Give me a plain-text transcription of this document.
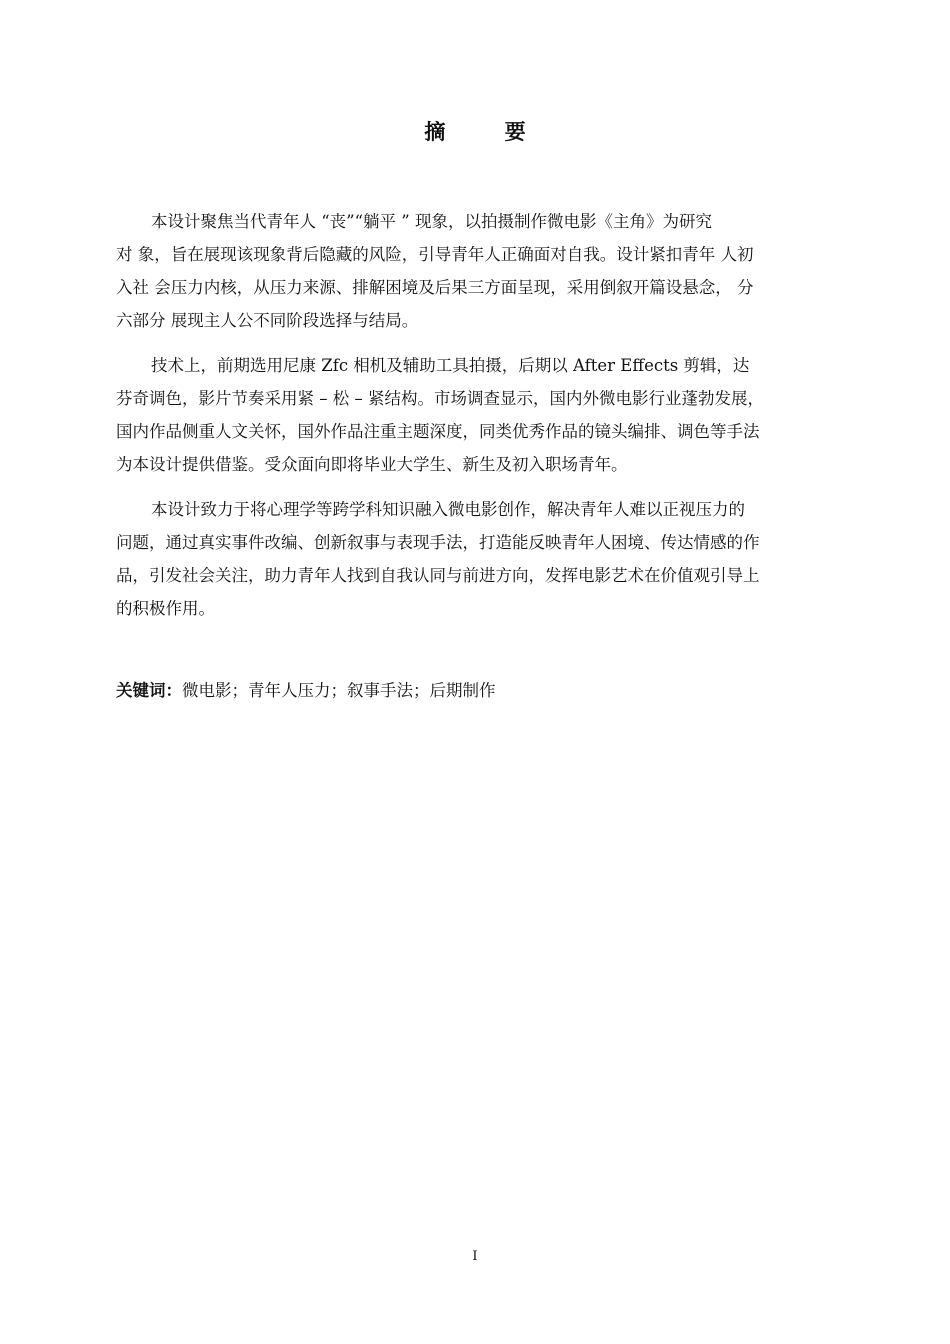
摘 要

本设计聚焦当代青年人 “丧”“躺平 ” 现象，以拍摄制作微电影《主角》为研究
对 象，旨在展现该现象背后隐藏的风险，引导青年人正确面对自我。设计紧扣青年 人初
入社 会压力内核，从压力来源、排解困境及后果三方面呈现，采用倒叙开篇设悬念， 分
六部分 展现主人公不同阶段选择与结局。

技术上，前期选用尼康 Zfc 相机及辅助工具拍摄，后期以 After Effects 剪辑，达
芬奇调色，影片节奏采用紧 – 松 – 紧结构。市场调查显示，国内外微电影行业蓬勃发展，
国内作品侧重人文关怀，国外作品注重主题深度，同类优秀作品的镜头编排、调色等手法
为本设计提供借鉴。受众面向即将毕业大学生、新生及初入职场青年。

本设计致力于将心理学等跨学科知识融入微电影创作，解决青年人难以正视压力的
问题，通过真实事件改编、创新叙事与表现手法，打造能反映青年人困境、传达情感的作
品，引发社会关注，助力青年人找到自我认同与前进方向，发挥电影艺术在价值观引导上
的积极作用。

关键词：微电影；青年人压力；叙事手法；后期制作
I
